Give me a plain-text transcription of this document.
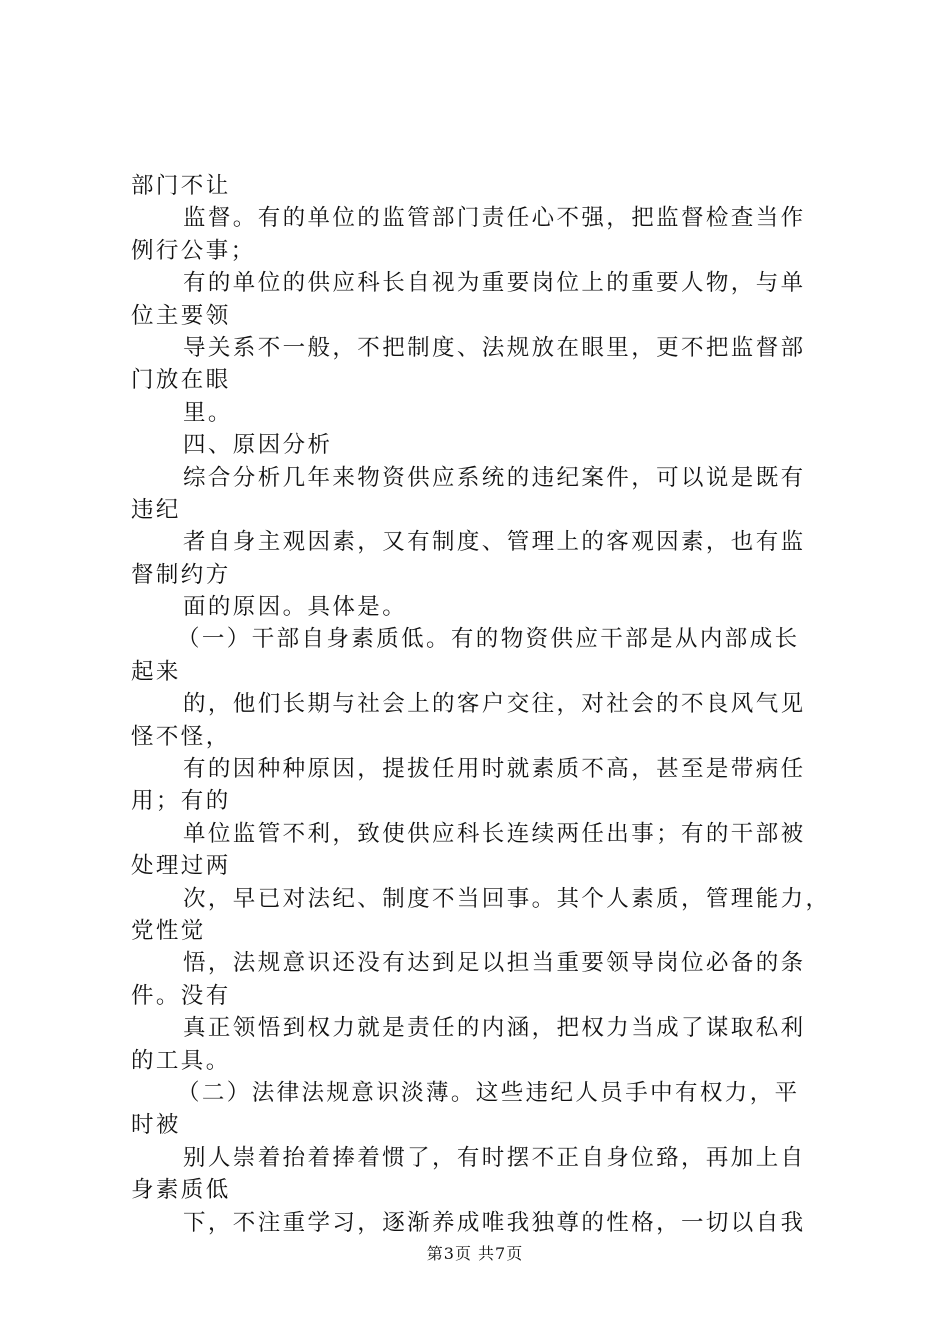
部门不让
监督。有的单位的监管部门责任心不强，把监督检查当作
例行公事；
有的单位的供应科长自视为重要岗位上的重要人物，与单
位主要领
导关系不一般，不把制度、法规放在眼里，更不把监督部
门放在眼
里。
四、原因分析
综合分析几年来物资供应系统的违纪案件，可以说是既有
违纪
者自身主观因素，又有制度、管理上的客观因素，也有监
督制约方
面的原因。具体是。
（一）干部自身素质低。有的物资供应干部是从内部成长
起来
的，他们长期与社会上的客户交往，对社会的不良风气见
怪不怪，
有的因种种原因，提拔任用时就素质不高，甚至是带病任
用；有的
单位监管不利，致使供应科长连续两任出事；有的干部被
处理过两
次，早已对法纪、制度不当回事。其个人素质，管理能力，
党性觉
悟，法规意识还没有达到足以担当重要领导岗位必备的条
件。没有
真正领悟到权力就是责任的内涵，把权力当成了谋取私利
的工具。
（二）法律法规意识淡薄。这些违纪人员手中有权力，平
时被
别人崇着抬着捧着惯了，有时摆不正自身位臵，再加上自
身素质低
下，不注重学习，逐渐养成唯我独尊的性格，一切以自我
第3页 共7页
